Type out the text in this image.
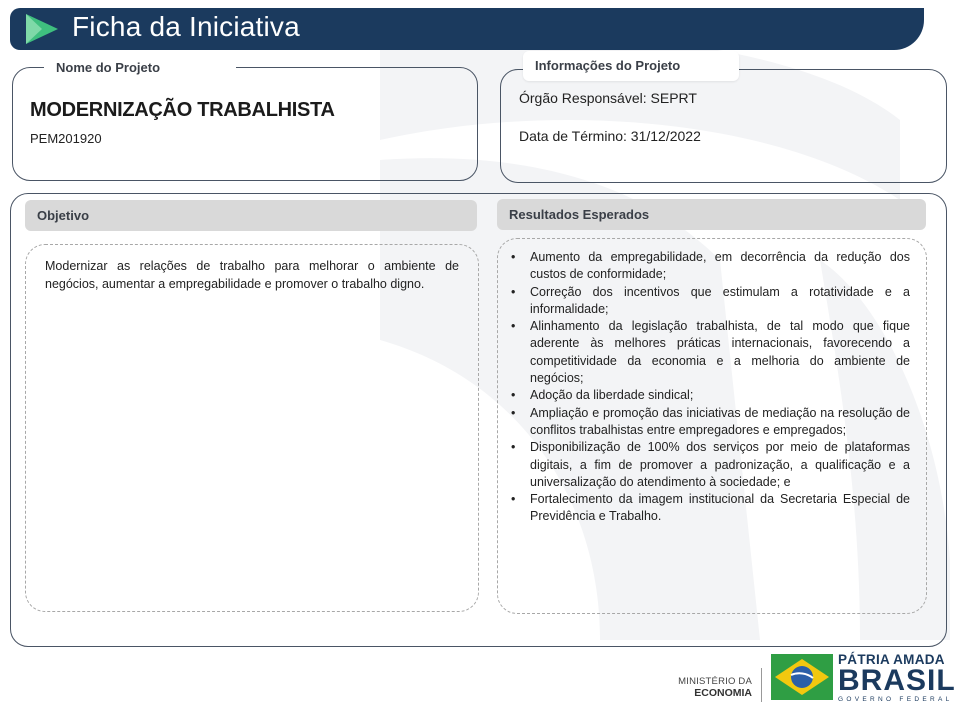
Ficha da Iniciativa
Nome do Projeto
MODERNIZAÇÃO TRABALHISTA
PEM201920
Informações do Projeto
Órgão Responsável: SEPRT
Data de Término: 31/12/2022
Objetivo	Resultados Esperados
Modernizar as relações de trabalho para melhorar o ambiente de negócios, aumentar a empregabilidade e promover o trabalho digno.
• Aumento da empregabilidade, em decorrência da redução dos custos de conformidade;
• Correção dos incentivos que estimulam a rotatividade e a informalidade;
• Alinhamento da legislação trabalhista, de tal modo que fique aderente às melhores práticas internacionais, favorecendo a competitividade da economia e a melhoria do ambiente de negócios;
• Adoção da liberdade sindical;
• Ampliação e promoção das iniciativas de mediação na resolução de conflitos trabalhistas entre empregadores e empregados;
• Disponibilização de 100% dos serviços por meio de plataformas digitais, a fim de promover a padronização, a qualificação e a universalização do atendimento à sociedade; e
• Fortalecimento da imagem institucional da Secretaria Especial de Previdência e Trabalho.
MINISTÉRIO DA
ECONOMIA
PÁTRIA AMADA
BRASIL
GOVERNO FEDERAL
